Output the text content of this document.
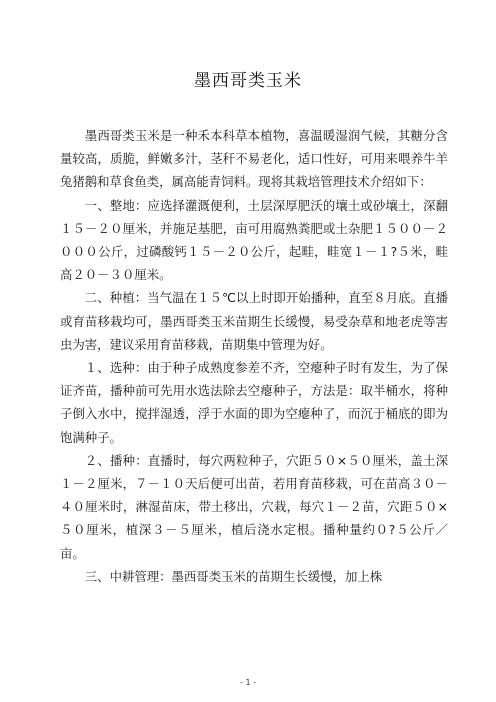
墨西哥类玉米

墨西哥类玉米是一种禾本科草本植物，喜温暖湿润气候，其糖分含量较高，质脆，鲜嫩多汁，茎秆不易老化，适口性好，可用来喂养牛羊兔猪鹅和草食鱼类，属高能青饲料。现将其栽培管理技术介绍如下：

一、整地：应选择灌溉便利，土层深厚肥沃的壤土或砂壤土，深翻１５－２０厘米，并施足基肥，亩可用腐熟粪肥或土杂肥１５００－２０００公斤，过磷酸钙１５－２０公斤，起畦，畦宽１－１?５米，畦高２０－３０厘米。

二、种植：当气温在１５℃以上时即开始播种，直至８月底。直播或育苗移栽均可，墨西哥类玉米苗期生长缓慢，易受杂草和地老虎等害虫为害，建议采用育苗移栽，苗期集中管理为好。

１、选种：由于种子成熟度参差不齐，空瘪种子时有发生，为了保证齐苗，播种前可先用水选法除去空瘪种子，方法是：取半桶水，将种子倒入水中，搅拌湿透，浮于水面的即为空瘪种了，而沉于桶底的即为饱满种子。

２、播种：直播时，每穴两粒种子，穴距５０×５０厘米，盖土深１－２厘米，７－１０天后便可出苗，若用育苗移栽，可在苗高３０－４０厘米时，淋湿苗床，带土移出，穴栽，每穴１－２苗，穴距５０×５０厘米，植深３－５厘米，植后浇水定根。播种量约０?５公斤／亩。

三、中耕管理：墨西哥类玉米的苗期生长缓慢，加上株

- 1 -
